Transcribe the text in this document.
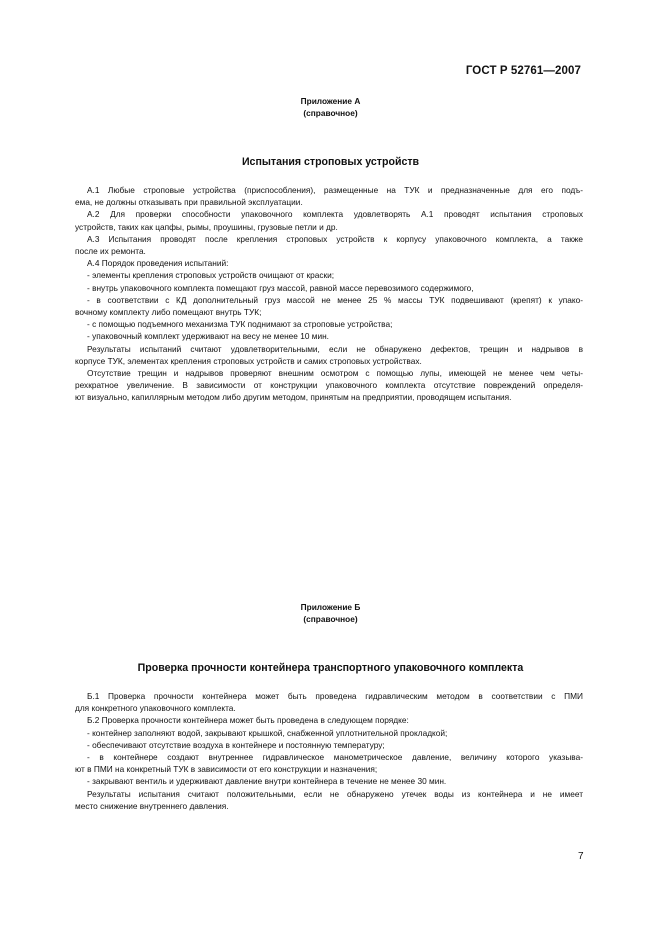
ГОСТ Р 52761—2007
Приложение А
(справочное)
Испытания строповых устройств
А.1 Любые строповые устройства (приспособления), размещенные на ТУК и предназначенные для его подъ-
ема, не должны отказывать при правильной эксплуатации.
А.2 Для проверки способности упаковочного комплекта удовлетворять А.1 проводят испытания строповых
устройств, таких как цапфы, рымы, проушины, грузовые петли и др.
А.3 Испытания проводят после крепления строповых устройств к корпусу упаковочного комплекта, а также
после их ремонта.
А.4 Порядок проведения испытаний:
- элементы крепления строповых устройств очищают от краски;
- внутрь упаковочного комплекта помещают груз массой, равной массе перевозимого содержимого,
- в соответствии с КД дополнительный груз массой не менее 25 % массы ТУК подвешивают (крепят) к упако-
вочному комплекту либо помещают внутрь ТУК;
- с помощью подъемного механизма ТУК поднимают за строповые устройства;
- упаковочный комплект удерживают на весу не менее 10 мин.
Результаты испытаний считают удовлетворительными, если не обнаружено дефектов, трещин и надрывов в
корпусе ТУК, элементах крепления строповых устройств и самих строповых устройствах.
Отсутствие трещин и надрывов проверяют внешним осмотром с помощью лупы, имеющей не менее чем четы-
рехкратное увеличение. В зависимости от конструкции упаковочного комплекта отсутствие повреждений определя-
ют визуально, капиллярным методом либо другим методом, принятым на предприятии, проводящем испытания.
Приложение Б
(справочное)
Проверка прочности контейнера транспортного упаковочного комплекта
Б.1 Проверка прочности контейнера может быть проведена гидравлическим методом в соответствии с ПМИ
для конкретного упаковочного комплекта.
Б.2 Проверка прочности контейнера может быть проведена в следующем порядке:
- контейнер заполняют водой, закрывают крышкой, снабженной уплотнительной прокладкой;
- обеспечивают отсутствие воздуха в контейнере и постоянную температуру;
- в контейнере создают внутреннее гидравлическое манометрическое давление, величину которого указыва-
ют в ПМИ на конкретный ТУК в зависимости от его конструкции и назначения;
- закрывают вентиль и удерживают давление внутри контейнера в течение не менее 30 мин.
Результаты испытания считают положительными, если не обнаружено утечек воды из контейнера и не имеет
место снижение внутреннего давления.
7
